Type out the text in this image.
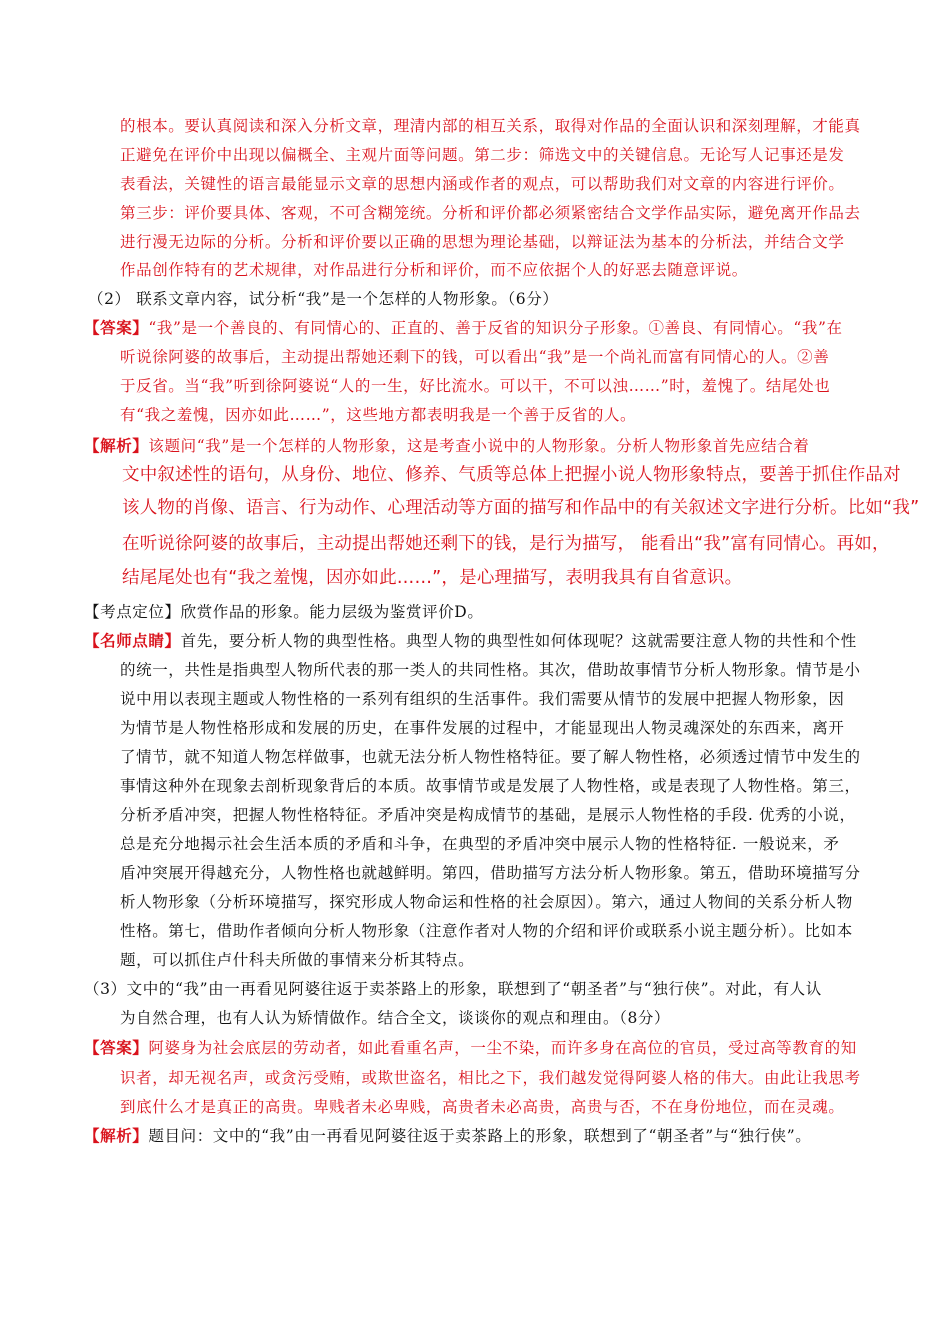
的根本。要认真阅读和深入分析文章，理清内部的相互关系，取得对作品的全面认识和深刻理解，才能真
正避免在评价中出现以偏概全、主观片面等问题。第二步：筛选文中的关键信息。无论写人记事还是发
表看法，关键性的语言最能显示文章的思想内涵或作者的观点，可以帮助我们对文章的内容进行评价。
第三步：评价要具体、客观，不可含糊笼统。分析和评价都必须紧密结合文学作品实际，避免离开作品去
进行漫无边际的分析。分析和评价要以正确的思想为理论基础，以辩证法为基本的分析法，并结合文学
作品创作特有的艺术规律，对作品进行分析和评价，而不应依据个人的好恶去随意评说。
（2） 联系文章内容，试分析“我”是一个怎样的人物形象。（6分）
【答案】“我”是一个善良的、有同情心的、正直的、善于反省的知识分子形象。①善良、有同情心。“我”在
听说徐阿婆的故事后，主动提出帮她还剩下的钱，可以看出“我”是一个尚礼而富有同情心的人。②善
于反省。当“我”听到徐阿婆说“人的一生，好比流水。可以干，不可以浊……”时，羞愧了。结尾处也
有“我之羞愧，因亦如此……”，这些地方都表明我是一个善于反省的人。
【解析】该题问“我”是一个怎样的人物形象，这是考查小说中的人物形象。分析人物形象首先应结合着
文中叙述性的语句，从身份、地位、修养、气质等总体上把握小说人物形象特点，要善于抓住作品对
该人物的肖像、语言、行为动作、心理活动等方面的描写和作品中的有关叙述文字进行分析。比如“我”
在听说徐阿婆的故事后，主动提出帮她还剩下的钱，是行为描写， 能看出“我”富有同情心。再如，
结尾尾处也有“我之羞愧，因亦如此……”，是心理描写，表明我具有自省意识。
【考点定位】欣赏作品的形象。能力层级为鉴赏评价D。
【名师点睛】首先，要分析人物的典型性格。典型人物的典型性如何体现呢？这就需要注意人物的共性和个性
的统一，共性是指典型人物所代表的那一类人的共同性格。其次，借助故事情节分析人物形象。情节是小
说中用以表现主题或人物性格的一系列有组织的生活事件。我们需要从情节的发展中把握人物形象，因
为情节是人物性格形成和发展的历史，在事件发展的过程中，才能显现出人物灵魂深处的东西来，离开
了情节，就不知道人物怎样做事，也就无法分析人物性格特征。要了解人物性格，必须透过情节中发生的
事情这种外在现象去剖析现象背后的本质。故事情节或是发展了人物性格，或是表现了人物性格。第三，
分析矛盾冲突，把握人物性格特征。矛盾冲突是构成情节的基础，是展示人物性格的手段. 优秀的小说，
总是充分地揭示社会生活本质的矛盾和斗争，在典型的矛盾冲突中展示人物的性格特征. 一般说来，矛
盾冲突展开得越充分，人物性格也就越鲜明。第四，借助描写方法分析人物形象。第五，借助环境描写分
析人物形象（分析环境描写，探究形成人物命运和性格的社会原因）。第六，通过人物间的关系分析人物
性格。第七，借助作者倾向分析人物形象（注意作者对人物的介绍和评价或联系小说主题分析）。比如本
题，可以抓住卢什科夫所做的事情来分析其特点。
（3）文中的“我”由一再看见阿婆往返于卖茶路上的形象，联想到了“朝圣者”与“独行侠”。对此，有人认
为自然合理，也有人认为矫情做作。结合全文，谈谈你的观点和理由。（8分）
【答案】阿婆身为社会底层的劳动者，如此看重名声，一尘不染，而许多身在高位的官员，受过高等教育的知
识者，却无视名声，或贪污受贿，或欺世盗名，相比之下，我们越发觉得阿婆人格的伟大。由此让我思考
到底什么才是真正的高贵。卑贱者未必卑贱，高贵者未必高贵，高贵与否，不在身份地位，而在灵魂。
【解析】题目问：文中的“我”由一再看见阿婆往返于卖茶路上的形象，联想到了“朝圣者”与“独行侠”。
